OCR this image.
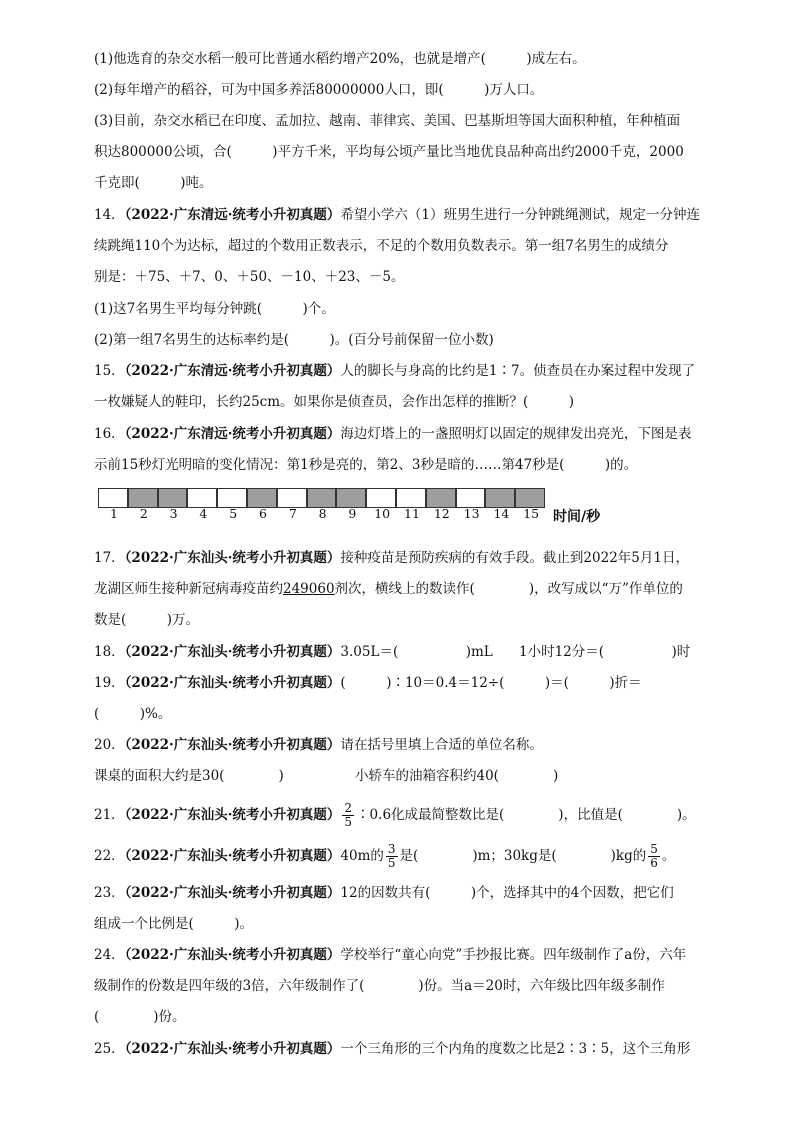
(1)他选育的杂交水稻一般可比普通水稻约增产20%，也就是增产(　　　)成左右。
(2)每年增产的稻谷，可为中国多养活80000000人口，即(　　　)万人口。
(3)目前，杂交水稻已在印度、孟加拉、越南、菲律宾、美国、巴基斯坦等国大面积种植，年种植面
积达800000公顷，合(　　　)平方千米，平均每公顷产量比当地优良品种高出约2000千克，2000
千克即(　　　)吨。
14．（2022·广东清远·统考小升初真题）希望小学六（1）班男生进行一分钟跳绳测试，规定一分钟连
续跳绳110个为达标，超过的个数用正数表示，不足的个数用负数表示。第一组7名男生的成绩分
别是：＋75、＋7、0、＋50、－10、＋23、－5。
(1)这7名男生平均每分钟跳(　　　)个。
(2)第一组7名男生的达标率约是(　　　)。(百分号前保留一位小数)
15．（2022·广东清远·统考小升初真题）人的脚长与身高的比约是1∶7。侦查员在办案过程中发现了
一枚嫌疑人的鞋印，长约25cm。如果你是侦查员，会作出怎样的推断？(　　　)
16．（2022·广东清远·统考小升初真题）海边灯塔上的一盏照明灯以固定的规律发出亮光，下图是表
示前15秒灯光明暗的变化情况：第1秒是亮的，第2、3秒是暗的……第47秒是(　　　)的。
1	2	3	4	5	6	7	8	9	10	11	12	13	14	15 时间/秒
17．（2022·广东汕头·统考小升初真题）接种疫苗是预防疾病的有效手段。截止到2022年5月1日，
龙湖区师生接种新冠病毒疫苗约249060剂次，横线上的数读作(　　　　)，改写成以“万”作单位的
数是(　　　)万。
18．（2022·广东汕头·统考小升初真题）3.05L＝(　　　　　)mL 1小时12分＝(　　　　　)时
19．（2022·广东汕头·统考小升初真题）(　　　)∶10＝0.4＝12÷(　　　)＝(　　　)折＝
(　　　)%。
20．（2022·广东汕头·统考小升初真题）请在括号里填上合适的单位名称。
课桌的面积大约是30(　　　　)	小轿车的油箱容积约40(　　　　)
21．（2022·广东汕头·统考小升初真题） $\frac{2}{5}$ ∶0.6化成最简整数比是(　　　　)，比值是(　　　　)。
22．（2022·广东汕头·统考小升初真题）40m的 $\frac{3}{5}$ 是(　　　　)m；30kg是(　　　　)kg的 $\frac{5}{6}$ 。
23．（2022·广东汕头·统考小升初真题）12的因数共有(　　　)个，选择其中的4个因数，把它们
组成一个比例是(　　　)。
24．（2022·广东汕头·统考小升初真题）学校举行“童心向党”手抄报比赛。四年级制作了a份，六年
级制作的份数是四年级的3倍，六年级制作了(　　　　)份。当a＝20时，六年级比四年级多制作
(　　　　)份。
25．（2022·广东汕头·统考小升初真题）一个三角形的三个内角的度数之比是2∶3∶5，这个三角形
